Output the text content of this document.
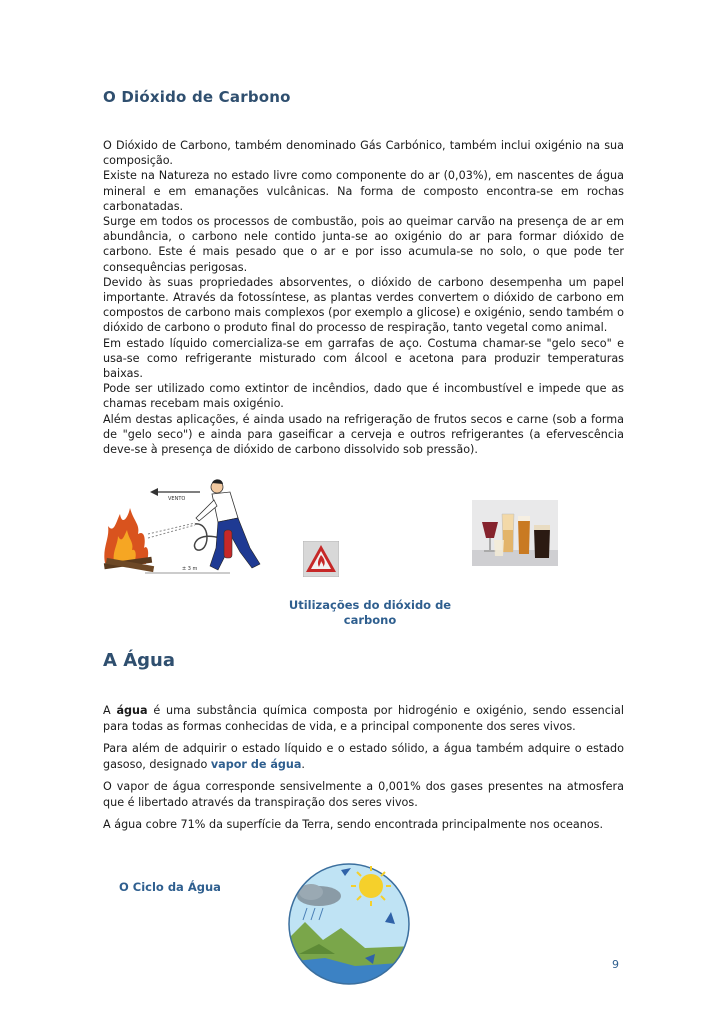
O Dióxido de Carbono

O Dióxido de Carbono, também denominado Gás Carbónico, também inclui oxigénio na sua composição.

Existe na Natureza no estado livre como componente do ar (0,03%), em nascentes de água mineral e em emanações vulcânicas. Na forma de composto encontra-se em rochas carbonatadas.

Surge em todos os processos de combustão, pois ao queimar carvão na presença de ar em abundância, o carbono nele contido junta-se ao oxigénio do ar para formar dióxido de carbono. Este é mais pesado que o ar e por isso acumula-se no solo, o que pode ter consequências perigosas.

Devido às suas propriedades absorventes, o dióxido de carbono desempenha um papel importante. Através da fotossíntese, as plantas verdes convertem o dióxido de carbono em compostos de carbono mais complexos (por exemplo a glicose) e oxigénio, sendo também o dióxido de carbono o produto final do processo de respiração, tanto vegetal como animal.

Em estado líquido comercializa-se em garrafas de aço. Costuma chamar-se "gelo seco" e usa-se como refrigerante misturado com álcool e acetona para produzir temperaturas baixas.

Pode ser utilizado como extintor de incêndios, dado que é incombustível e impede que as chamas recebam mais oxigénio.

Além destas aplicações, é ainda usado na refrigeração de frutos secos e carne (sob a forma de "gelo seco") e ainda para gaseificar a cerveja e outros refrigerantes (a efervescência deve-se à presença de dióxido de carbono dissolvido sob pressão).

VENTO
± 3 m
Utilizações do dióxido de
carbono
A Água

A água é uma substância química composta por hidrogénio e oxigénio, sendo essencial para todas as formas conhecidas de vida, e a principal componente dos seres vivos.

Para além de adquirir o estado líquido e o estado sólido, a água também adquire o estado gasoso, designado vapor de água.

O vapor de água corresponde sensivelmente a 0,001% dos gases presentes na atmosfera que é libertado através da transpiração dos seres vivos.

A água cobre 71% da superfície da Terra, sendo encontrada principalmente nos oceanos.

O Ciclo da Água
9
